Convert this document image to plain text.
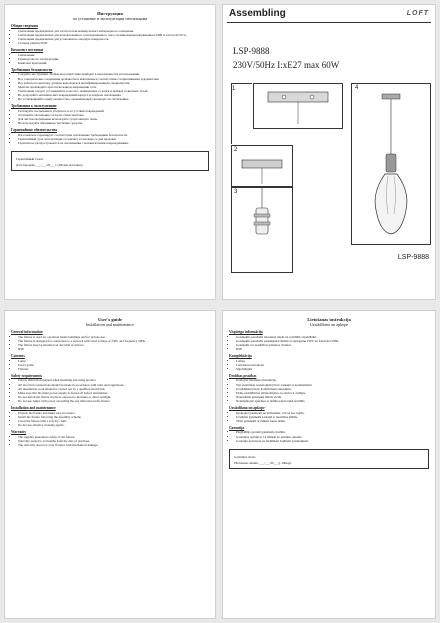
Инструкция
по установке и эксплуатации светильника
Общие сведения
• Светильник предназначен для частного или коммерческого интерьерного освещения.
• Светильник предназначен для использования в сети переменного тока с номинальным напряжением 230В и частотой 50 Гц.
• Светильник предназначен для установки на опорную поверхность.
• Степень защиты IP20.
Комплект поставки
• Светильник.
• Руководство по эксплуатации.
• Комплект креплений.
Требования безопасности
• Следуйте инструкции. Любые несоответствия приводят к невозможности использования.
• Все электрические соединения должны быть выполнены в соответствии с нормативными документами.
• Все работы по монтажу должны выполняться квалифицированным специалистом.
• Монтаж производите при отключенном напряжении сети.
• Светильник следует устанавливать в местах, защищенных от влаги и прямых солнечных лучей.
• Не допускайте механических повреждений корпуса и плафона светильника.
• Не устанавливайте лампу мощностью, превышающей указанную на светильнике.
Требования к эксплуатации
• Распакуйте светильник и убедитесь в отсутствии повреждений.
• Установите светильник согласно схеме монтажа.
• Для чистки светильника используйте сухую мягкую ткань.
• Не используйте абразивные чистящие средства.
Гарантийные обязательства
• Изготовитель гарантирует соответствие светильника требованиям безопасности.
• Гарантийный срок эксплуатации составляет 12 месяцев со дня продажи.
• Гарантия не распространяется на светильники с механическими повреждениями.

Гарантийный талон

Дата продажи ___/___/20___г. (Штамп магазина)

Assembling	LOFT
LSP-9888
230V/50Hz I:xE27 max 60W
1
2
3
4
LSP-9888
User's guide
Installation and maintenance
General information
• The fixture is used for operation inside buildings and for private use.
• The fixture is designed for connection to a network with rated voltage of 230V and frequency 50Hz.
• The fixture may be mounted on any kind of surface.
• IP20
Contents
• Lamp
• User's guide
• Fixtures
Safety requirements
• Follow instruction manual when installing and using product.
• All electrical connections should be made in accordance with rules and regulations.
• All installation work should be carried out by a qualified electrician.
• Make sure that the main power supply is turned off before installation.
• Do not install the fixture in places exposed to moisture or direct sunlight.
• Do not use lamps with power exceeding the one indicated on the fixture.
Installation and maintenance
• Unpack the fixture and make sure it is intact.
• Install the fixture following the assembly scheme.
• Clean the fixture with a soft dry cloth.
• Do not use abrasive cleaning agents.
Warranty
• The supplier guarantees safety of the fixture.
• Warranty period is 12 months from the date of purchase.
• The warranty does not cover fixtures with mechanical damage.
Lietošanas instrukcija
Uzstādīšana un apkope
Vispārīga informācija
• Gaismeklis paredzēts lietošanai telpās un privātām vajadzībām.
• Gaismeklis paredzēts pieslēgšanai tīklam ar spriegumu 230V un frekvenci 50Hz.
• Gaismekli var uzstādīt uz jebkuras virsmas.
• IP20
Komplektācija
• Lampa
• Lietošanas instrukcija
• Stiprinājumi
Drošības prasības
• Ievērojiet lietošanas instrukciju.
• Visi elektriskie savienojumi jāveic saskaņā ar noteikumiem.
• Uzstādīšanu jāveic kvalificētam elektriķim.
• Pirms uzstādīšanas pārliecinieties, ka strāva ir atslēgta.
• Neuzstādiet gaismekli mitrās vietās.
• Neizmantojiet spuldzes ar lielāku jaudu nekā norādīts.
Uzstādīšana un apkope
• Izpakojiet gaismekli un pārbaudiet, vai tas nav bojāts.
• Uzstādiet gaismekli saskaņā ar montāžas shēmu.
• Tīriet gaismekli ar mīkstu sausu drānu.
Garantija
• Piegādātājs garantē gaismekļa drošību.
• Garantijas termiņš ir 12 mēneši no pirkuma datuma.
• Garantija neattiecas uz mehāniski bojātiem gaismekļiem.

Garantijas talons

Pārdošanas datums ___/___/20___g. Zīmogs
